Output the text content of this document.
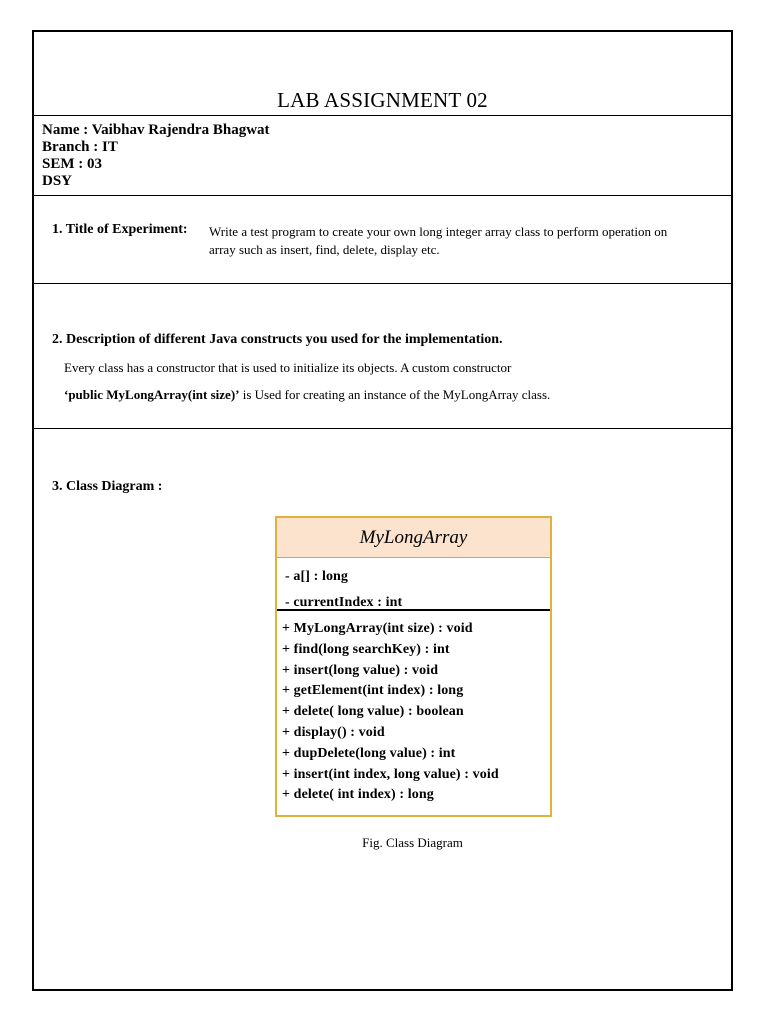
LAB ASSIGNMENT 02
Name : Vaibhav Rajendra Bhagwat
Branch : IT
SEM : 03
DSY
1. Title of Experiment: Write a test program to create your own long integer array class to perform operation on
array such as insert, find, delete, display etc.
2. Description of different Java constructs you used for the implementation.
Every class has a constructor that is used to initialize its objects. A custom constructor
‘public MyLongArray(int size)’ is Used for creating an instance of the MyLongArray class.
3. Class Diagram :
MyLongArray
- a[] : long
- currentIndex : int
+ MyLongArray(int size) : void
+ find(long searchKey) : int
+ insert(long value) : void
+ getElement(int index) : long
+ delete( long value) : boolean
+ display() : void
+ dupDelete(long value) : int
+ insert(int index, long value) : void
+ delete( int index) : long
Fig. Class Diagram
